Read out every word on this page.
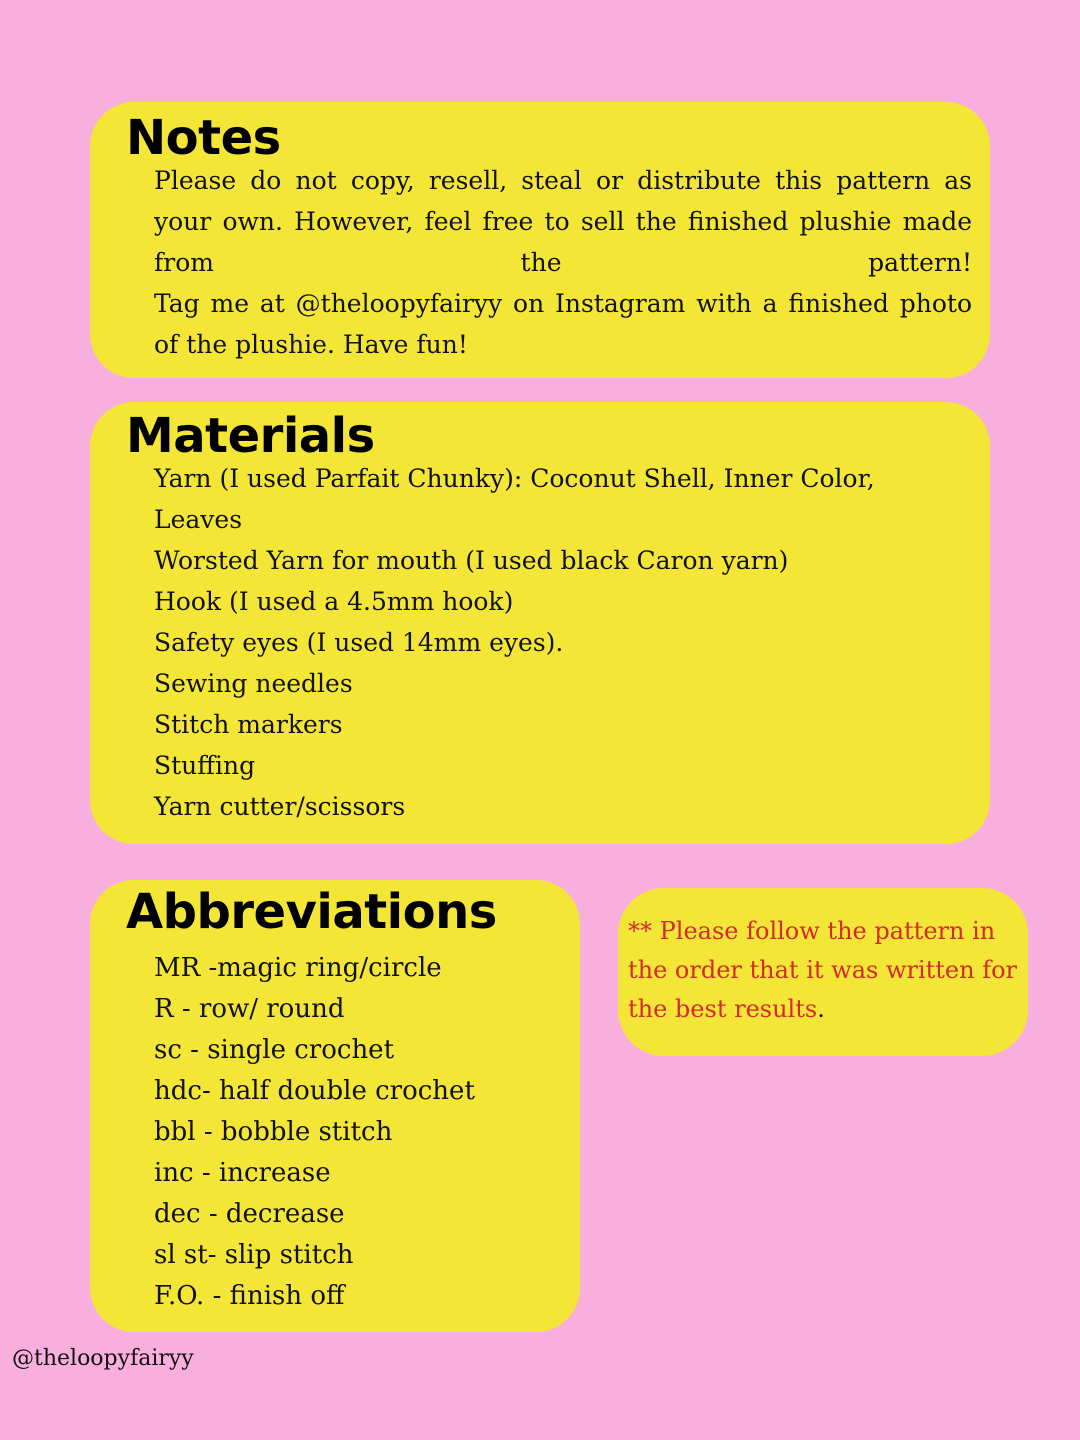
Notes

Please do not copy, resell, steal or distribute this pattern as your own. However, feel free to sell the finished plushie made from the pattern!

Tag me at @theloopyfairyy on Instagram with a finished photo of the plushie. Have fun!

Materials
Yarn (I used Parfait Chunky): Coconut Shell, Inner Color, Leaves
Worsted Yarn for mouth (I used black Caron yarn)
Hook (I used a 4.5mm hook)
Safety eyes (I used 14mm eyes).
Sewing needles
Stitch markers
Stuffing
Yarn cutter/scissors
Abbreviations
MR -magic ring/circle
R - row/ round
sc - single crochet
hdc- half double crochet
bbl - bobble stitch
inc - increase
dec - decrease
sl st- slip stitch
F.O. - finish off
** Please follow the pattern in the order that it was written for the best results.
@theloopyfairyy
